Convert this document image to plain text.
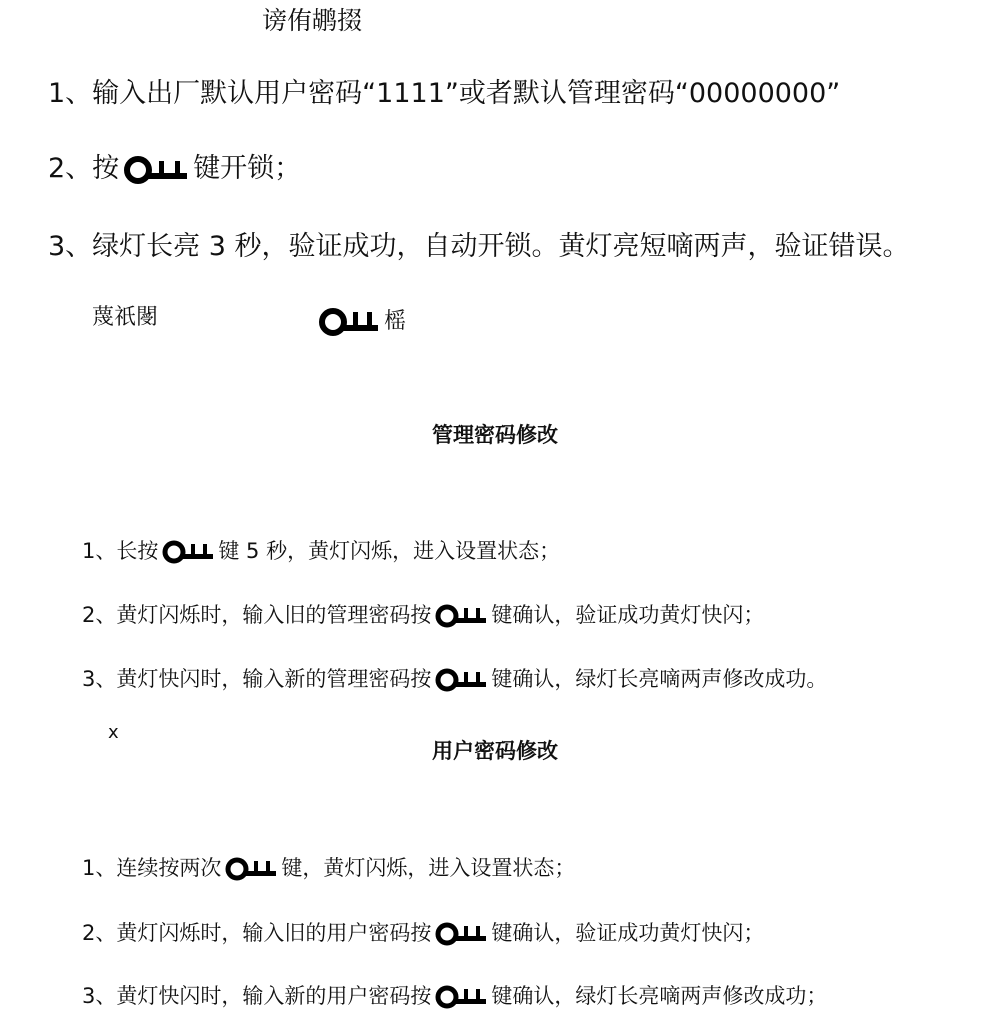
谤侑鹕掇
1、输入出厂默认用户密码“1111”或者默认管理密码“00000000”
2、按	键开锁；
3、绿灯长亮 3 秒，验证成功，自动开锁。黄灯亮短嘀两声，验证错误。
蔑祇閿	榣
管理密码修改
1、长按	键 5 秒，黄灯闪烁，进入设置状态；
2、黄灯闪烁时，输入旧的管理密码按	键确认，验证成功黄灯快闪；
3、黄灯快闪时，输入新的管理密码按	键确认，绿灯长亮嘀两声修改成功。
x
用户密码修改
1、连续按两次	键，黄灯闪烁，进入设置状态；
2、黄灯闪烁时，输入旧的用户密码按	键确认，验证成功黄灯快闪；
3、黄灯快闪时，输入新的用户密码按	键确认，绿灯长亮嘀两声修改成功；
